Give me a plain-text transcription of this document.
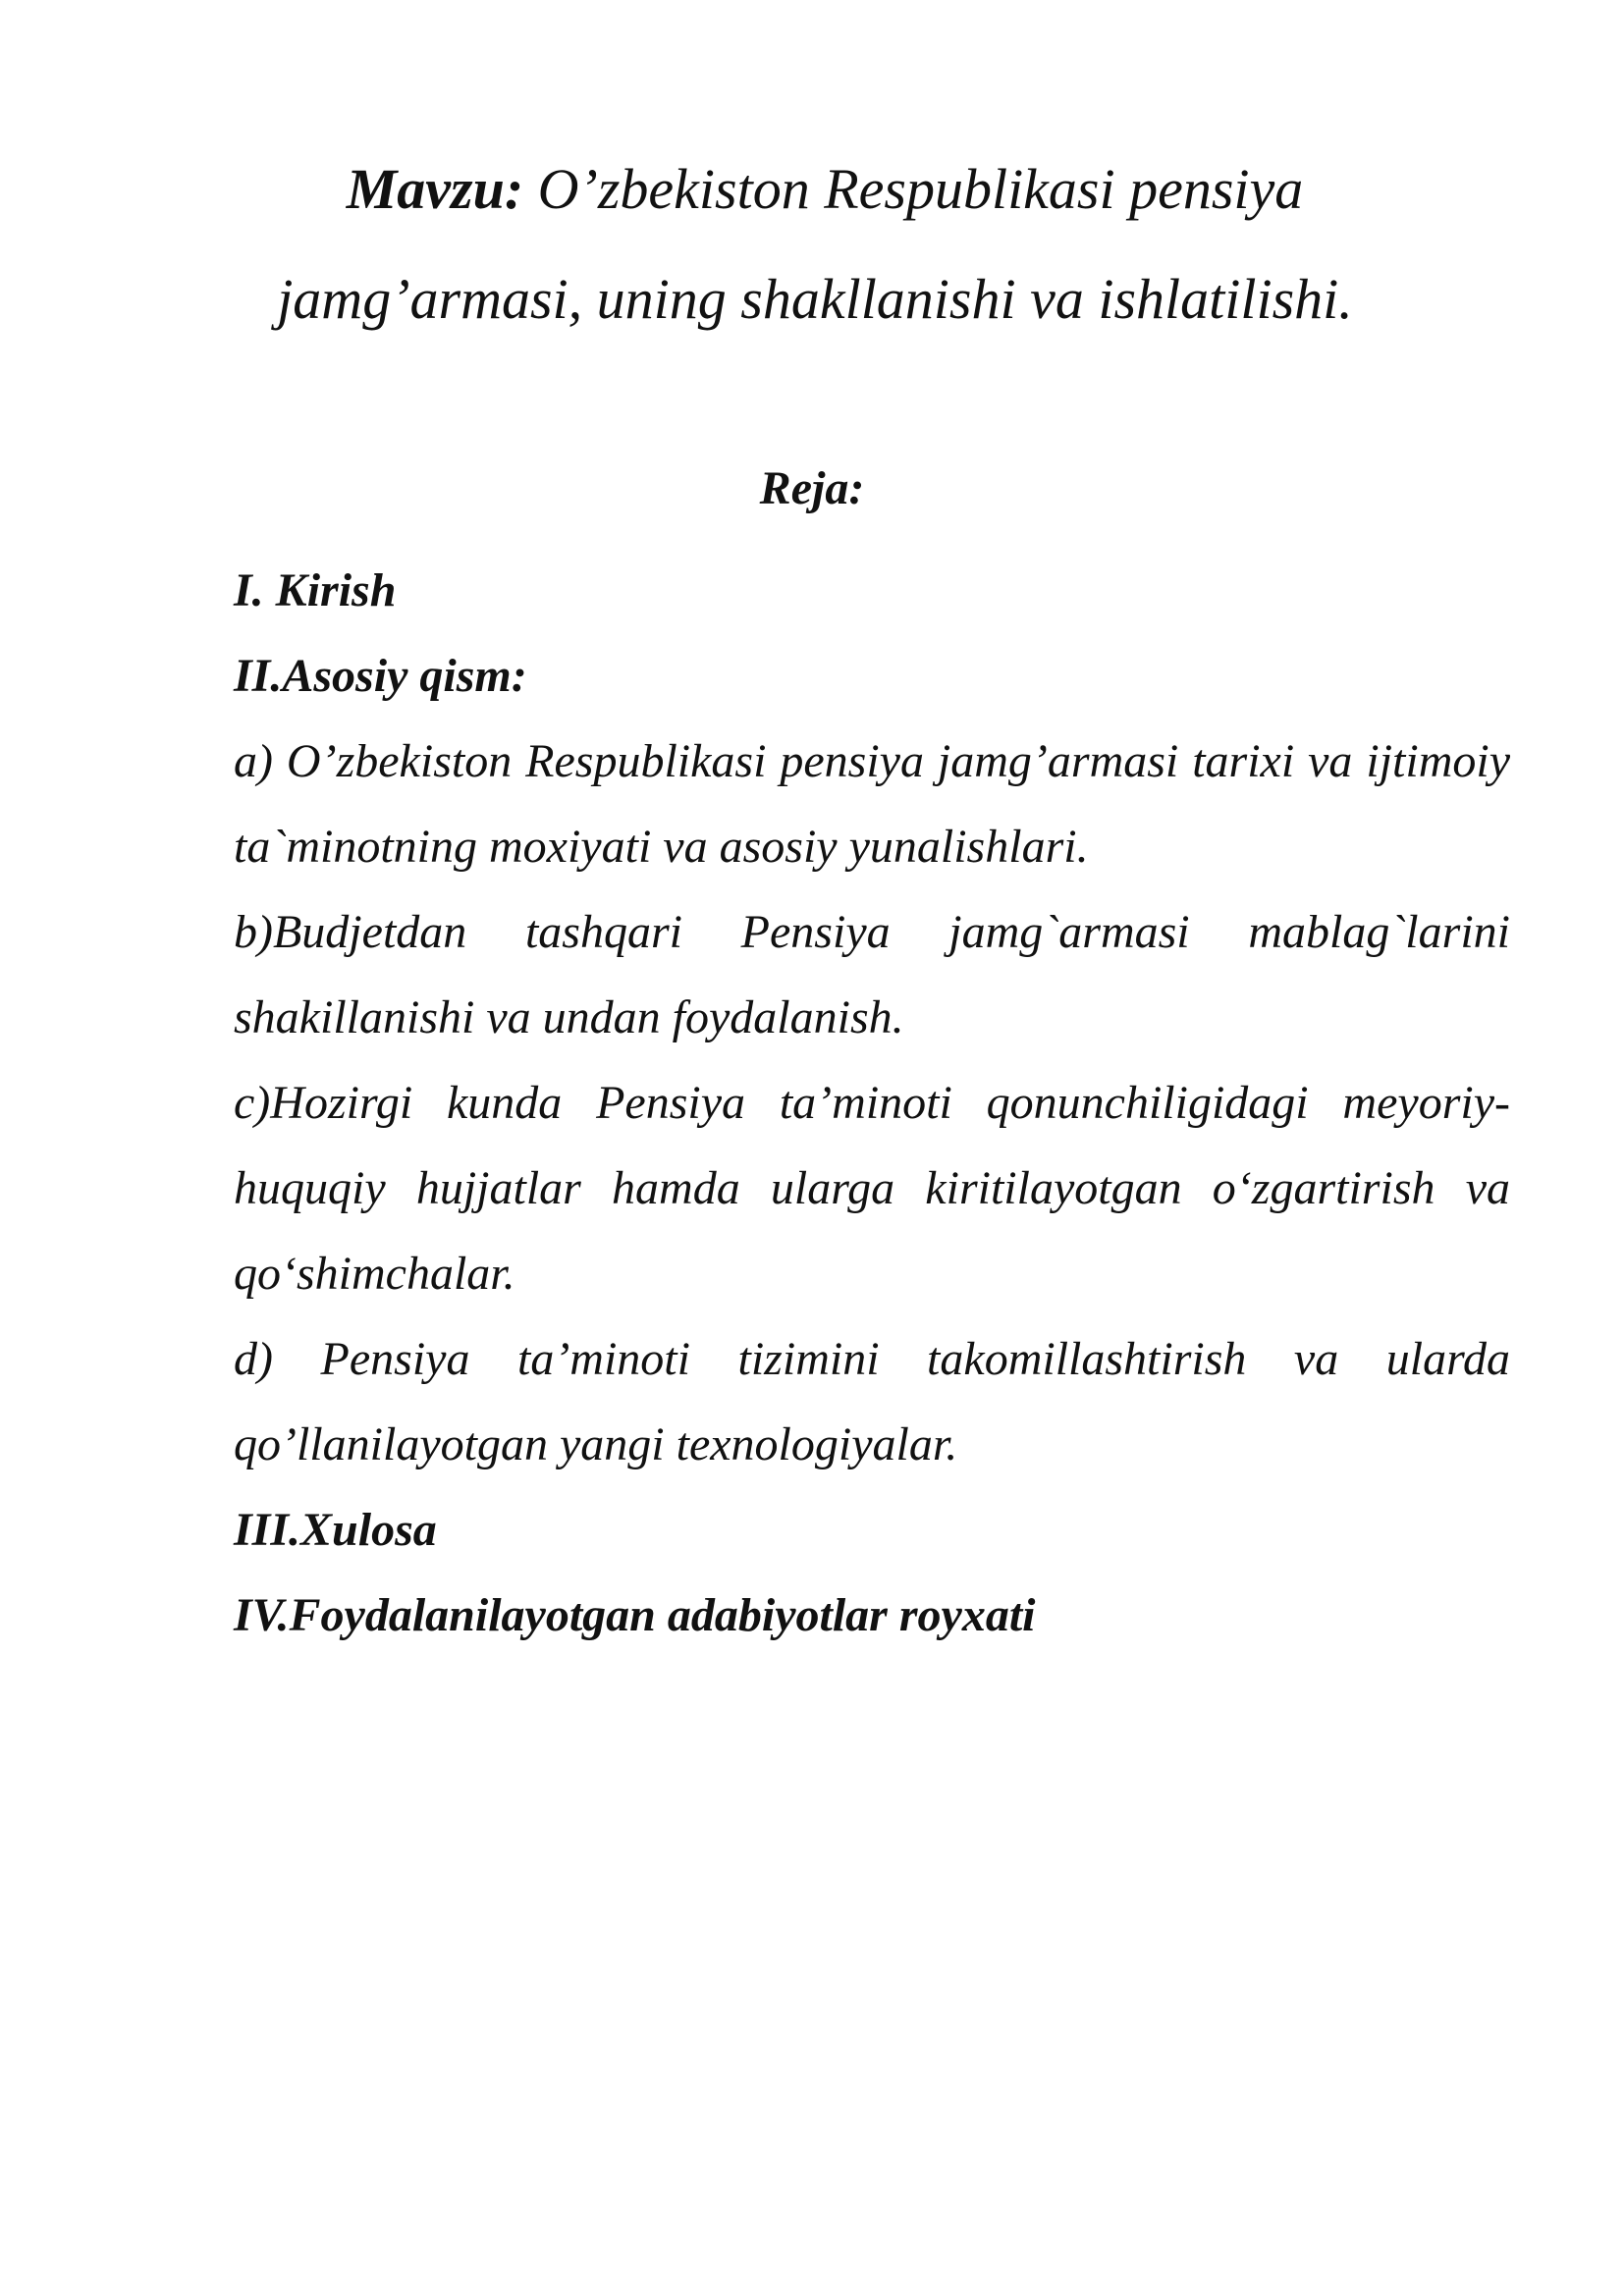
Mavzu: O’zbekiston Respublikasi pensiya
jamg’armasi, uning shakllanishi va ishlatilishi.
Reja:

I. Kirish

II.Asosiy qism:

a) O’zbekiston Respublikasi pensiya jamg’armasi tarixi va ijtimoiy ta`minotning moxiyati va asosiy yunalishlari.

b)Budjetdan tashqari Pensiya jamg`armasi mablag`larini shakillanishi va undan foydalanish.

c)Hozirgi kunda Pensiya ta’minoti qonunchiligidagi meyoriy-huquqiy hujjatlar hamda ularga kiritilayotgan o‘zgartirish va qo‘shimchalar.

d) Pensiya ta’minoti tizimini takomillashtirish va ularda qo’llanilayotgan yangi texnologiyalar.

III.Xulosa

IV.Foydalanilayotgan adabiyotlar royxati
